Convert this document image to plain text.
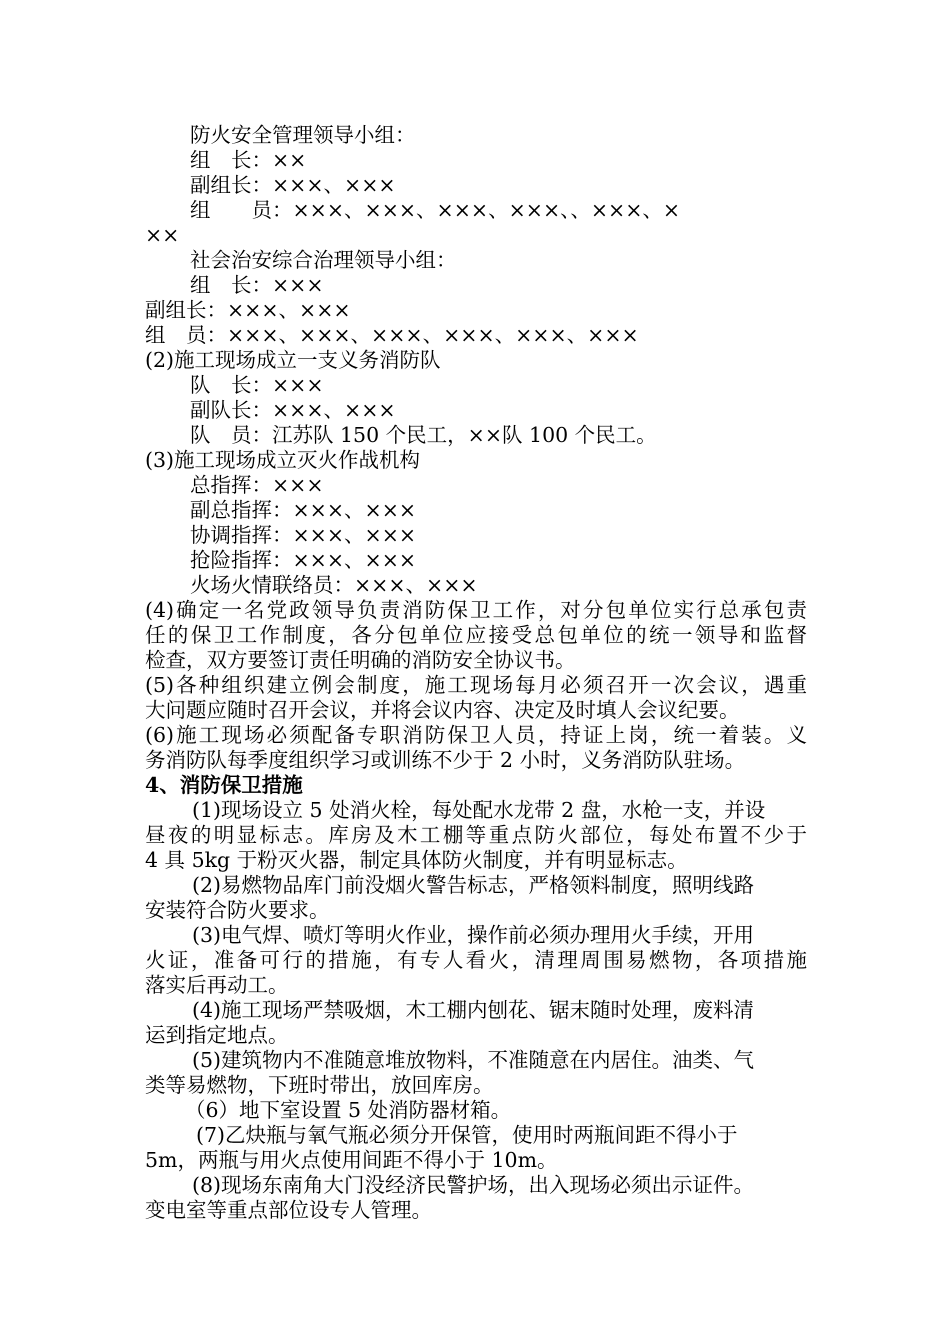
防火安全管理领导小组：
组　长：××
副组长：×××、×××
组　　员：×××、×××、×××、×××、、×××、×
××
社会治安综合治理领导小组：
组　长：×××
副组长：×××、×××
组　员：×××、×××、×××、×××、×××、×××
(2)施工现场成立一支义务消防队
队　长：×××
副队长：×××、×××
队　员：江苏队 150 个民工，××队 100 个民工。
(3)施工现场成立灭火作战机构
总指挥：×××
副总指挥：×××、×××
协调指挥：×××、×××
抢险指挥：×××、×××
火场火情联络员：×××、×××
(4)确定一名党政领导负责消防保卫工作，对分包单位实行总承包责
任的保卫工作制度，各分包单位应接受总包单位的统一领导和监督
检查，双方要签订责任明确的消防安全协议书。
(5)各种组织建立例会制度，施工现场每月必须召开一次会议，遇重
大问题应随时召开会议，并将会议内容、决定及时填人会议纪要。
(6)施工现场必须配备专职消防保卫人员，持证上岗，统一着装。义
务消防队每季度组织学习或训练不少于 2 小时，义务消防队驻场。
4、消防保卫措施
(1)现场设立 5 处消火栓，每处配水龙带 2 盘，水枪一支，并设
昼夜的明显标志。库房及木工棚等重点防火部位，每处布置不少于
4 具 5kg 于粉灭火器，制定具体防火制度，并有明显标志。
(2)易燃物品库门前没烟火警告标志，严格领料制度，照明线路
安装符合防火要求。
(3)电气焊、喷灯等明火作业，操作前必须办理用火手续，开用
火证，准备可行的措施，有专人看火，清理周围易燃物，各项措施
落实后再动工。
(4)施工现场严禁吸烟，木工棚内刨花、锯末随时处理，废料清
运到指定地点。
(5)建筑物内不准随意堆放物料，不准随意在内居住。油类、气
类等易燃物，下班时带出，放回库房。
（6）地下室设置 5 处消防器材箱。
(7)乙炔瓶与氧气瓶必须分开保管，使用时两瓶间距不得小于
5m，两瓶与用火点使用间距不得小于 10m。
(8)现场东南角大门没经济民警护场，出入现场必须出示证件。
变电室等重点部位设专人管理。
